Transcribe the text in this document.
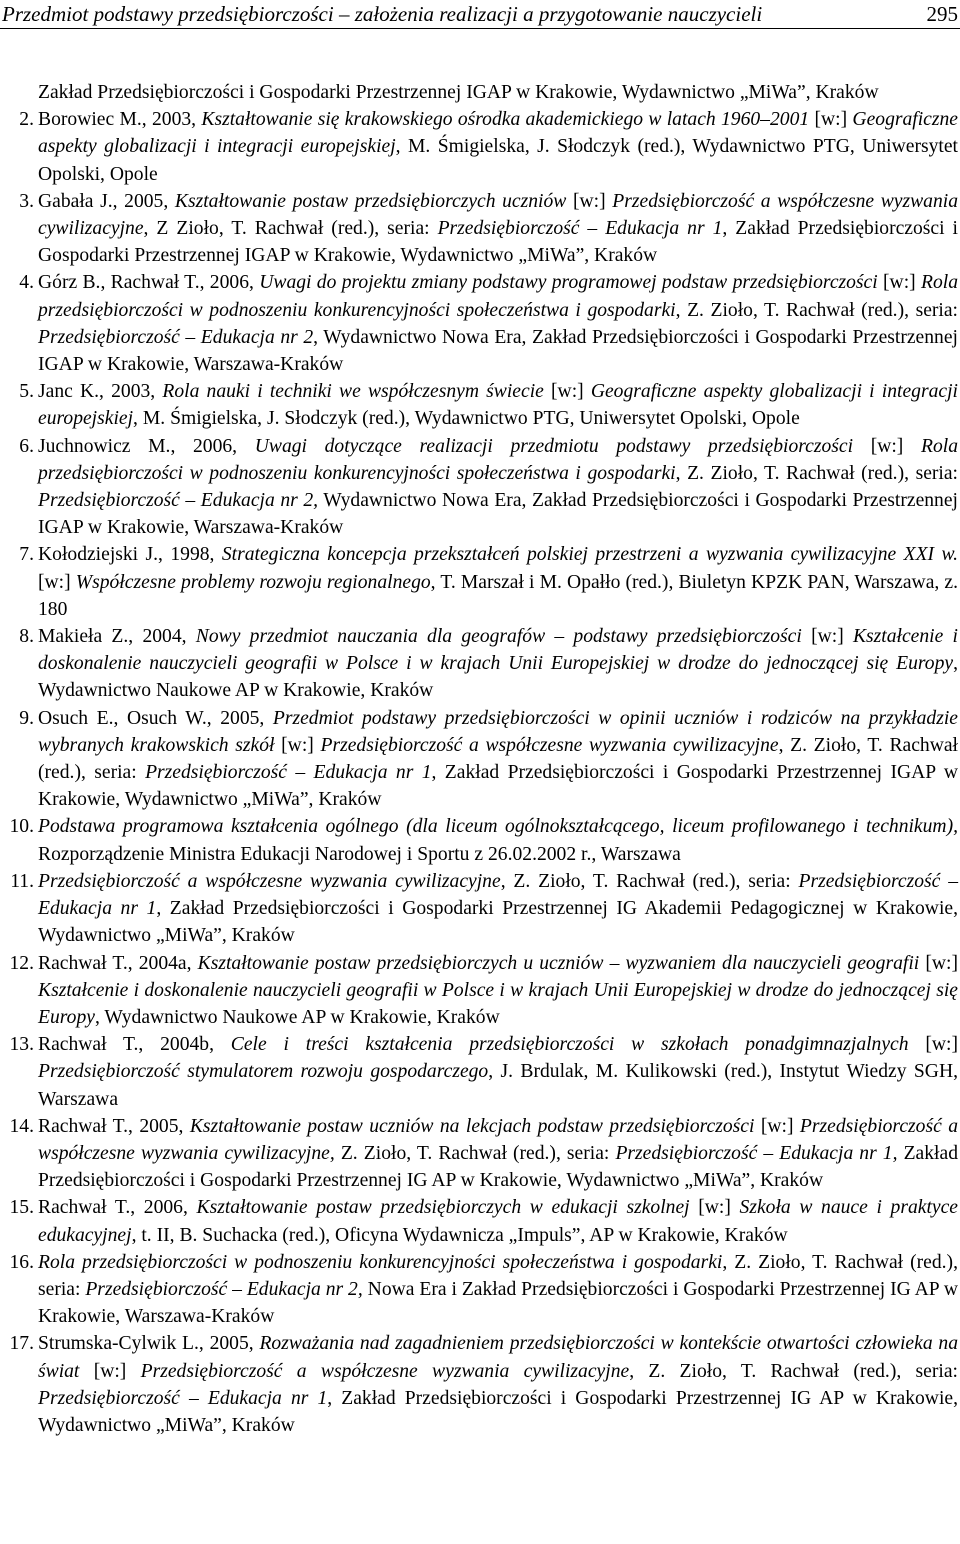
Przedmiot podstawy przedsiębiorczości – założenia realizacji a przygotowanie nauczycieli	295
Zakład Przedsiębiorczości i Gospodarki Przestrzennej IGAP w Krakowie, Wydawnictwo „MiWa”, Kraków
2. Borowiec M., 2003, Kształtowanie się krakowskiego ośrodka akademickiego w latach 1960–2001 [w:] Geograficzne aspekty globalizacji i integracji europejskiej, M. Śmigielska, J. Słodczyk (red.), Wydawnictwo PTG, Uniwersytet Opolski, Opole
3. Gabała J., 2005, Kształtowanie postaw przedsiębiorczych uczniów [w:] Przedsiębiorczość a współczesne wyzwania cywilizacyjne, Z Zioło, T. Rachwał (red.), seria: Przedsiębiorczość – Edukacja nr 1, Zakład Przedsiębiorczości i Gospodarki Przestrzennej IGAP w Krakowie, Wydawnictwo „MiWa”, Kraków
4. Górz B., Rachwał T., 2006, Uwagi do projektu zmiany podstawy programowej podstaw przedsiębiorczości [w:] Rola przedsiębiorczości w podnoszeniu konkurencyjności społeczeństwa i gospodarki, Z. Zioło, T. Rachwał (red.), seria: Przedsiębiorczość – Edukacja nr 2, Wydawnictwo Nowa Era, Zakład Przedsiębiorczości i Gospodarki Przestrzennej IGAP w Krakowie, Warszawa-Kraków
5. Janc K., 2003, Rola nauki i techniki we współczesnym świecie [w:] Geograficzne aspekty globalizacji i integracji europejskiej, M. Śmigielska, J. Słodczyk (red.), Wydawnictwo PTG, Uniwersytet Opolski, Opole
6. Juchnowicz M., 2006, Uwagi dotyczące realizacji przedmiotu podstawy przedsiębiorczości [w:] Rola przedsiębiorczości w podnoszeniu konkurencyjności społeczeństwa i gospodarki, Z. Zioło, T. Rachwał (red.), seria: Przedsiębiorczość – Edukacja nr 2, Wydawnictwo Nowa Era, Zakład Przedsiębiorczości i Gospodarki Przestrzennej IGAP w Krakowie, Warszawa-Kraków
7. Kołodziejski J., 1998, Strategiczna koncepcja przekształceń polskiej przestrzeni a wyzwania cywilizacyjne XXI w. [w:] Współczesne problemy rozwoju regionalnego, T. Marszał i M. Opałło (red.), Biuletyn KPZK PAN, Warszawa, z. 180
8. Makieła Z., 2004, Nowy przedmiot nauczania dla geografów – podstawy przedsiębiorczości [w:] Kształcenie i doskonalenie nauczycieli geografii w Polsce i w krajach Unii Europejskiej w drodze do jednoczącej się Europy, Wydawnictwo Naukowe AP w Krakowie, Kraków
9. Osuch E., Osuch W., 2005, Przedmiot podstawy przedsiębiorczości w opinii uczniów i rodziców na przykładzie wybranych krakowskich szkół [w:] Przedsiębiorczość a współczesne wyzwania cywilizacyjne, Z. Zioło, T. Rachwał (red.), seria: Przedsiębiorczość – Edukacja nr 1, Zakład Przedsiębiorczości i Gospodarki Przestrzennej IGAP w Krakowie, Wydawnictwo „MiWa”, Kraków
10. Podstawa programowa kształcenia ogólnego (dla liceum ogólnokształcącego, liceum profilowanego i technikum), Rozporządzenie Ministra Edukacji Narodowej i Sportu z 26.02.2002 r., Warszawa
11. Przedsiębiorczość a współczesne wyzwania cywilizacyjne, Z. Zioło, T. Rachwał (red.), seria: Przedsiębiorczość – Edukacja nr 1, Zakład Przedsiębiorczości i Gospodarki Przestrzennej IG Akademii Pedagogicznej w Krakowie, Wydawnictwo „MiWa”, Kraków
12. Rachwał T., 2004a, Kształtowanie postaw przedsiębiorczych u uczniów – wyzwaniem dla nauczycieli geografii [w:] Kształcenie i doskonalenie nauczycieli geografii w Polsce i w krajach Unii Europejskiej w drodze do jednoczącej się Europy, Wydawnictwo Naukowe AP w Krakowie, Kraków
13. Rachwał T., 2004b, Cele i treści kształcenia przedsiębiorczości w szkołach ponadgimnazjalnych [w:] Przedsiębiorczość stymulatorem rozwoju gospodarczego, J. Brdulak, M. Kulikowski (red.), Instytut Wiedzy SGH, Warszawa
14. Rachwał T., 2005, Kształtowanie postaw uczniów na lekcjach podstaw przedsiębiorczości [w:] Przedsiębiorczość a współczesne wyzwania cywilizacyjne, Z. Zioło, T. Rachwał (red.), seria: Przedsiębiorczość – Edukacja nr 1, Zakład Przedsiębiorczości i Gospodarki Przestrzennej IG AP w Krakowie, Wydawnictwo „MiWa”, Kraków
15. Rachwał T., 2006, Kształtowanie postaw przedsiębiorczych w edukacji szkolnej [w:] Szkoła w nauce i praktyce edukacyjnej, t. II, B. Suchacka (red.), Oficyna Wydawnicza „Impuls”, AP w Krakowie, Kraków
16. Rola przedsiębiorczości w podnoszeniu konkurencyjności społeczeństwa i gospodarki, Z. Zioło, T. Rachwał (red.), seria: Przedsiębiorczość – Edukacja nr 2, Nowa Era i Zakład Przedsiębiorczości i Gospodarki Przestrzennej IG AP w Krakowie, Warszawa-Kraków
17. Strumska-Cylwik L., 2005, Rozważania nad zagadnieniem przedsiębiorczości w kontekście otwartości człowieka na świat [w:] Przedsiębiorczość a współczesne wyzwania cywilizacyjne, Z. Zioło, T. Rachwał (red.), seria: Przedsiębiorczość – Edukacja nr 1, Zakład Przedsiębiorczości i Gospodarki Przestrzennej IG AP w Krakowie, Wydawnictwo „MiWa”, Kraków
